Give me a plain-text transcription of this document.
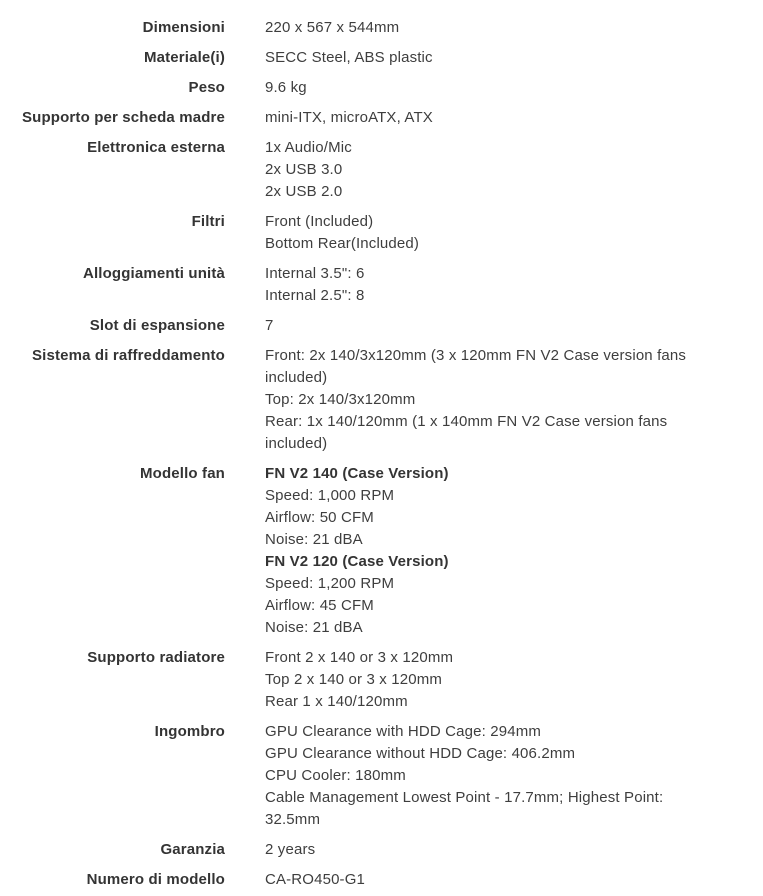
Dimensioni	220 x 567 x 544mm
Materiale(i)	SECC Steel, ABS plastic
Peso	9.6 kg
Supporto per scheda madre	mini-ITX, microATX, ATX
Elettronica esterna	1x Audio/Mic
2x USB 3.0
2x USB 2.0
Filtri	Front (Included)
Bottom Rear(Included)
Alloggiamenti unità	Internal 3.5": 6
Internal 2.5": 8
Slot di espansione	7
Sistema di raffreddamento	Front: 2x 140/3x120mm (3 x 120mm FN V2 Case version fans
included)
Top: 2x 140/3x120mm
Rear: 1x 140/120mm (1 x 140mm FN V2 Case version fans
included)
Modello fan	FN V2 140 (Case Version)
Speed: 1,000 RPM
Airflow: 50 CFM
Noise: 21 dBA
FN V2 120 (Case Version)
Speed: 1,200 RPM
Airflow: 45 CFM
Noise: 21 dBA
Supporto radiatore	Front 2 x 140 or 3 x 120mm
Top 2 x 140 or 3 x 120mm
Rear 1 x 140/120mm
Ingombro	GPU Clearance with HDD Cage: 294mm
GPU Clearance without HDD Cage: 406.2mm
CPU Cooler: 180mm
Cable Management Lowest Point - 17.7mm; Highest Point:
32.5mm
Garanzia	2 years
Numero di modello	CA-RO450-G1
